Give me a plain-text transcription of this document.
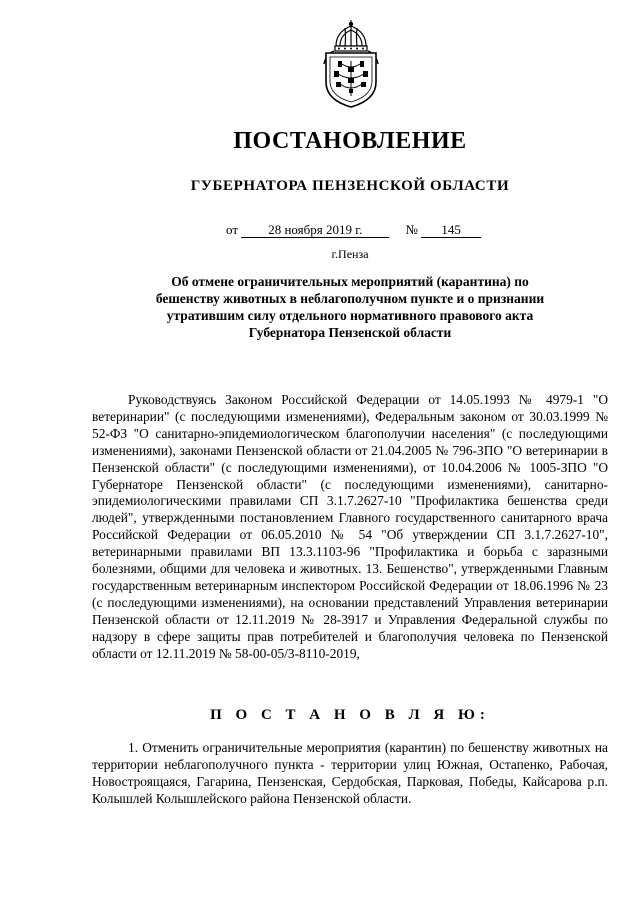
ПОСТАНОВЛЕНИЕ
ГУБЕРНАТОРА ПЕНЗЕНСКОЙ ОБЛАСТИ
от 28 ноября 2019 г.	№ 145
г.Пенза
Об отмене ограничительных мероприятий (карантина) по бешенству животных в неблагополучном пункте и о признании утратившим силу отдельного нормативного правового акта Губернатора Пензенской области
Руководствуясь Законом Российской Федерации от 14.05.1993 № 4979-1 "О ветеринарии" (с последующими изменениями), Федеральным законом от 30.03.1999 № 52-ФЗ "О санитарно-эпидемиологическом благополучии населения" (с последующими изменениями), законами Пензенской области от 21.04.2005 № 796-ЗПО "О ветеринарии в Пензенской области" (с последующими изменениями), от 10.04.2006 № 1005-ЗПО "О Губернаторе Пензенской области" (с последующими изменениями), санитарно-эпидемиологическими правилами СП 3.1.7.2627-10 "Профилактика бешенства среди людей", утвержденными постановлением Главного государственного санитарного врача Российской Федерации от 06.05.2010 № 54 "Об утверждении СП 3.1.7.2627-10", ветеринарными правилами ВП 13.3.1103-96 "Профилактика и борьба с заразными болезнями, общими для человека и животных. 13. Бешенство", утвержденными Главным государственным ветеринарным инспектором Российской Федерации от 18.06.1996 № 23 (с последующими изменениями), на основании представлений Управления ветеринарии Пензенской области от 12.11.2019 № 28-3917 и Управления Федеральной службы по надзору в сфере защиты прав потребителей и благополучия человека по Пензенской области от 12.11.2019 № 58-00-05/3-8110-2019,
П О С Т А Н О В Л Я Ю:
1. Отменить ограничительные мероприятия (карантин) по бешенству животных на территории неблагополучного пункта - территории улиц Южная, Остапенко, Рабочая, Новостроящаяся, Гагарина, Пензенская, Сердобская, Парковая, Победы, Кайсарова р.п. Колышлей Колышлейского района Пензенской области.
